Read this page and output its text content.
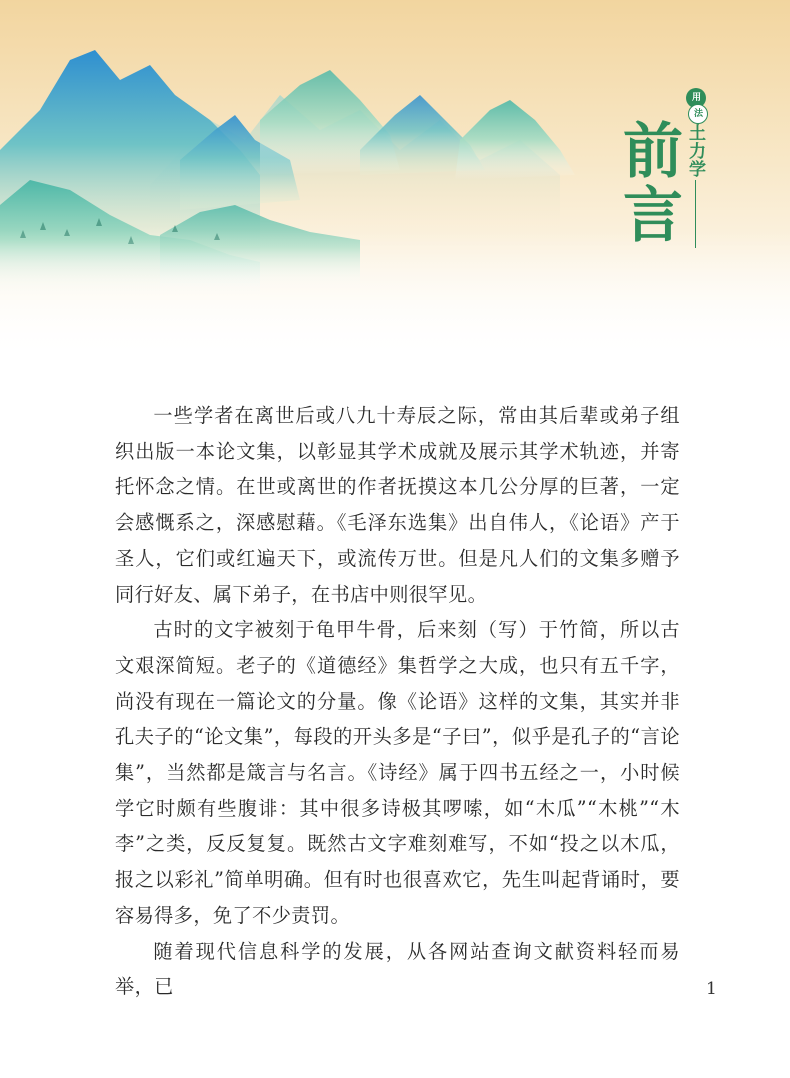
用
法
土力学
前言

一些学者在离世后或八九十寿辰之际，常由其后辈或弟子组织出版一本论文集，以彰显其学术成就及展示其学术轨迹，并寄托怀念之情。在世或离世的作者抚摸这本几公分厚的巨著，一定会感慨系之，深感慰藉。《毛泽东选集》出自伟人，《论语》产于圣人，它们或红遍天下，或流传万世。但是凡人们的文集多赠予同行好友、属下弟子，在书店中则很罕见。

古时的文字被刻于龟甲牛骨，后来刻（写）于竹简，所以古文艰深简短。老子的《道德经》集哲学之大成，也只有五千字，尚没有现在一篇论文的分量。像《论语》这样的文集，其实并非孔夫子的“论文集”，每段的开头多是“子曰”，似乎是孔子的“言论集”，当然都是箴言与名言。《诗经》属于四书五经之一，小时候学它时颇有些腹诽：其中很多诗极其啰嗦，如“木瓜”“木桃”“木李”之类，反反复复。既然古文字难刻难写，不如“投之以木瓜，报之以彩礼”简单明确。但有时也很喜欢它，先生叫起背诵时，要容易得多，免了不少责罚。

随着现代信息科学的发展，从各网站查询文献资料轻而易举，已	1
